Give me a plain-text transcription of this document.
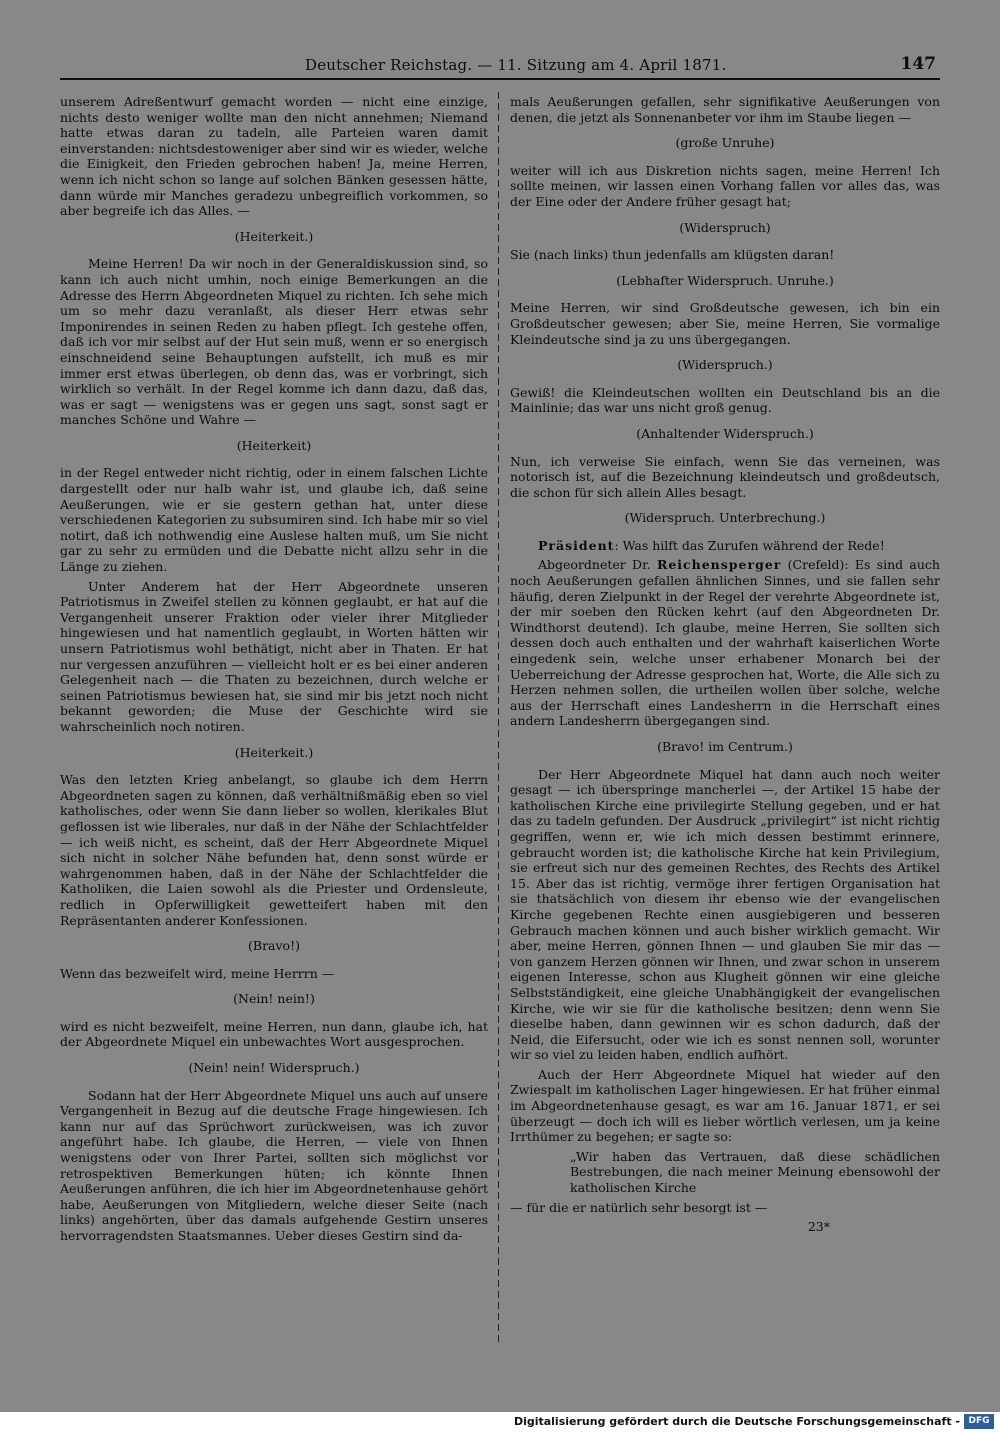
Deutscher Reichstag. — 11. Sitzung am 4. April 1871.	147

unserem Adreßentwurf gemacht worden — nicht eine einzige, nichts desto weniger wollte man den nicht annehmen; Niemand hatte etwas daran zu tadeln, alle Parteien waren damit einverstanden: nichtsdestoweniger aber sind wir es wieder, welche die Einigkeit, den Frieden gebrochen haben! Ja, meine Herren, wenn ich nicht schon so lange auf solchen Bänken gesessen hätte, dann würde mir Manches geradezu unbegreiflich vorkommen, so aber begreife ich das Alles. —

(Heiterkeit.)

Meine Herren! Da wir noch in der Generaldiskussion sind, so kann ich auch nicht umhin, noch einige Bemerkungen an die Adresse des Herrn Abgeordneten Miquel zu richten. Ich sehe mich um so mehr dazu veranlaßt, als dieser Herr etwas sehr Imponirendes in seinen Reden zu haben pflegt. Ich gestehe offen, daß ich vor mir selbst auf der Hut sein muß, wenn er so energisch einschneidend seine Behauptungen aufstellt, ich muß es mir immer erst etwas überlegen, ob denn das, was er vorbringt, sich wirklich so verhält. In der Regel komme ich dann dazu, daß das, was er sagt — wenigstens was er gegen uns sagt, sonst sagt er manches Schöne und Wahre —

(Heiterkeit)

in der Regel entweder nicht richtig, oder in einem falschen Lichte dargestellt oder nur halb wahr ist, und glaube ich, daß seine Aeußerungen, wie er sie gestern gethan hat, unter diese verschiedenen Kategorien zu subsumiren sind. Ich habe mir so viel notirt, daß ich nothwendig eine Auslese halten muß, um Sie nicht gar zu sehr zu ermüden und die Debatte nicht allzu sehr in die Länge zu ziehen.

Unter Anderem hat der Herr Abgeordnete unseren Patriotismus in Zweifel stellen zu können geglaubt, er hat auf die Vergangenheit unserer Fraktion oder vieler ihrer Mitglieder hingewiesen und hat namentlich geglaubt, in Worten hätten wir unsern Patriotismus wohl bethätigt, nicht aber in Thaten. Er hat nur vergessen anzuführen — vielleicht holt er es bei einer anderen Gelegenheit nach — die Thaten zu bezeichnen, durch welche er seinen Patriotismus bewiesen hat, sie sind mir bis jetzt noch nicht bekannt geworden; die Muse der Geschichte wird sie wahrscheinlich noch notiren.

(Heiterkeit.)

Was den letzten Krieg anbelangt, so glaube ich dem Herrn Abgeordneten sagen zu können, daß verhältnißmäßig eben so viel katholisches, oder wenn Sie dann lieber so wollen, klerikales Blut geflossen ist wie liberales, nur daß in der Nähe der Schlachtfelder — ich weiß nicht, es scheint, daß der Herr Abgeordnete Miquel sich nicht in solcher Nähe befunden hat, denn sonst würde er wahrgenommen haben, daß in der Nähe der Schlachtfelder die Katholiken, die Laien sowohl als die Priester und Ordensleute, redlich in Opferwilligkeit gewetteifert haben mit den Repräsentanten anderer Konfessionen.

(Bravo!)

Wenn das bezweifelt wird, meine Herrrn —

(Nein! nein!)

wird es nicht bezweifelt, meine Herren, nun dann, glaube ich, hat der Abgeordnete Miquel ein unbewachtes Wort ausgesprochen.

(Nein! nein! Widerspruch.)

Sodann hat der Herr Abgeordnete Miquel uns auch auf unsere Vergangenheit in Bezug auf die deutsche Frage hingewiesen. Ich kann nur auf das Sprüchwort zurückweisen, was ich zuvor angeführt habe. Ich glaube, die Herren, — viele von Ihnen wenigstens oder von Ihrer Partei, sollten sich möglichst vor retrospektiven Bemerkungen hüten; ich könnte Ihnen Aeußerungen anführen, die ich hier im Abgeordnetenhause gehört habe, Aeußerungen von Mitgliedern, welche dieser Seite (nach links) angehörten, über das damals aufgehende Gestirn unseres hervorragendsten Staatsmannes. Ueber dieses Gestirn sind da-

mals Aeußerungen gefallen, sehr signifikative Aeußerungen von denen, die jetzt als Sonnenanbeter vor ihm im Staube liegen —

(große Unruhe)

weiter will ich aus Diskretion nichts sagen, meine Herren! Ich sollte meinen, wir lassen einen Vorhang fallen vor alles das, was der Eine oder der Andere früher gesagt hat;

(Widerspruch)

Sie (nach links) thun jedenfalls am klügsten daran!

(Lebhafter Widerspruch. Unruhe.)

Meine Herren, wir sind Großdeutsche gewesen, ich bin ein Großdeutscher gewesen; aber Sie, meine Herren, Sie vormalige Kleindeutsche sind ja zu uns übergegangen.

(Widerspruch.)

Gewiß! die Kleindeutschen wollten ein Deutschland bis an die Mainlinie; das war uns nicht groß genug.

(Anhaltender Widerspruch.)

Nun, ich verweise Sie einfach, wenn Sie das verneinen, was notorisch ist, auf die Bezeichnung kleindeutsch und großdeutsch, die schon für sich allein Alles besagt.

(Widerspruch. Unterbrechung.)

Präsident: Was hilft das Zurufen während der Rede!

Abgeordneter Dr. Reichensperger (Crefeld): Es sind auch noch Aeußerungen gefallen ähnlichen Sinnes, und sie fallen sehr häufig, deren Zielpunkt in der Regel der verehrte Abgeordnete ist, der mir soeben den Rücken kehrt (auf den Abgeordneten Dr. Windthorst deutend). Ich glaube, meine Herren, Sie sollten sich dessen doch auch enthalten und der wahrhaft kaiserlichen Worte eingedenk sein, welche unser erhabener Monarch bei der Ueberreichung der Adresse gesprochen hat, Worte, die Alle sich zu Herzen nehmen sollen, die urtheilen wollen über solche, welche aus der Herrschaft eines Landesherrn in die Herrschaft eines andern Landesherrn übergegangen sind.

(Bravo! im Centrum.)

Der Herr Abgeordnete Miquel hat dann auch noch weiter gesagt — ich überspringe mancherlei —, der Artikel 15 habe der katholischen Kirche eine privilegirte Stellung gegeben, und er hat das zu tadeln gefunden. Der Ausdruck „privilegirt“ ist nicht richtig gegriffen, wenn er, wie ich mich dessen bestimmt erinnere, gebraucht worden ist; die katholische Kirche hat kein Privilegium, sie erfreut sich nur des gemeinen Rechtes, des Rechts des Artikel 15. Aber das ist richtig, vermöge ihrer fertigen Organisation hat sie thatsächlich von diesem ihr ebenso wie der evangelischen Kirche gegebenen Rechte einen ausgiebigeren und besseren Gebrauch machen können und auch bisher wirklich gemacht. Wir aber, meine Herren, gönnen Ihnen — und glauben Sie mir das — von ganzem Herzen gönnen wir Ihnen, und zwar schon in unserem eigenen Interesse, schon aus Klugheit gönnen wir eine gleiche Selbstständigkeit, eine gleiche Unabhängigkeit der evangelischen Kirche, wie wir sie für die katholische besitzen; denn wenn Sie dieselbe haben, dann gewinnen wir es schon dadurch, daß der Neid, die Eifersucht, oder wie ich es sonst nennen soll, worunter wir so viel zu leiden haben, endlich aufhört.

Auch der Herr Abgeordnete Miquel hat wieder auf den Zwiespalt im katholischen Lager hingewiesen. Er hat früher einmal im Abgeordnetenhause gesagt, es war am 16. Januar 1871, er sei überzeugt — doch ich will es lieber wörtlich verlesen, um ja keine Irrthümer zu begehen; er sagte so:

„Wir haben das Vertrauen, daß diese schädlichen Bestrebungen, die nach meiner Meinung ebensowohl der katholischen Kirche

— für die er natürlich sehr besorgt ist —

23*
Digitalisierung gefördert durch die Deutsche Forschungsgemeinschaft - DFG
